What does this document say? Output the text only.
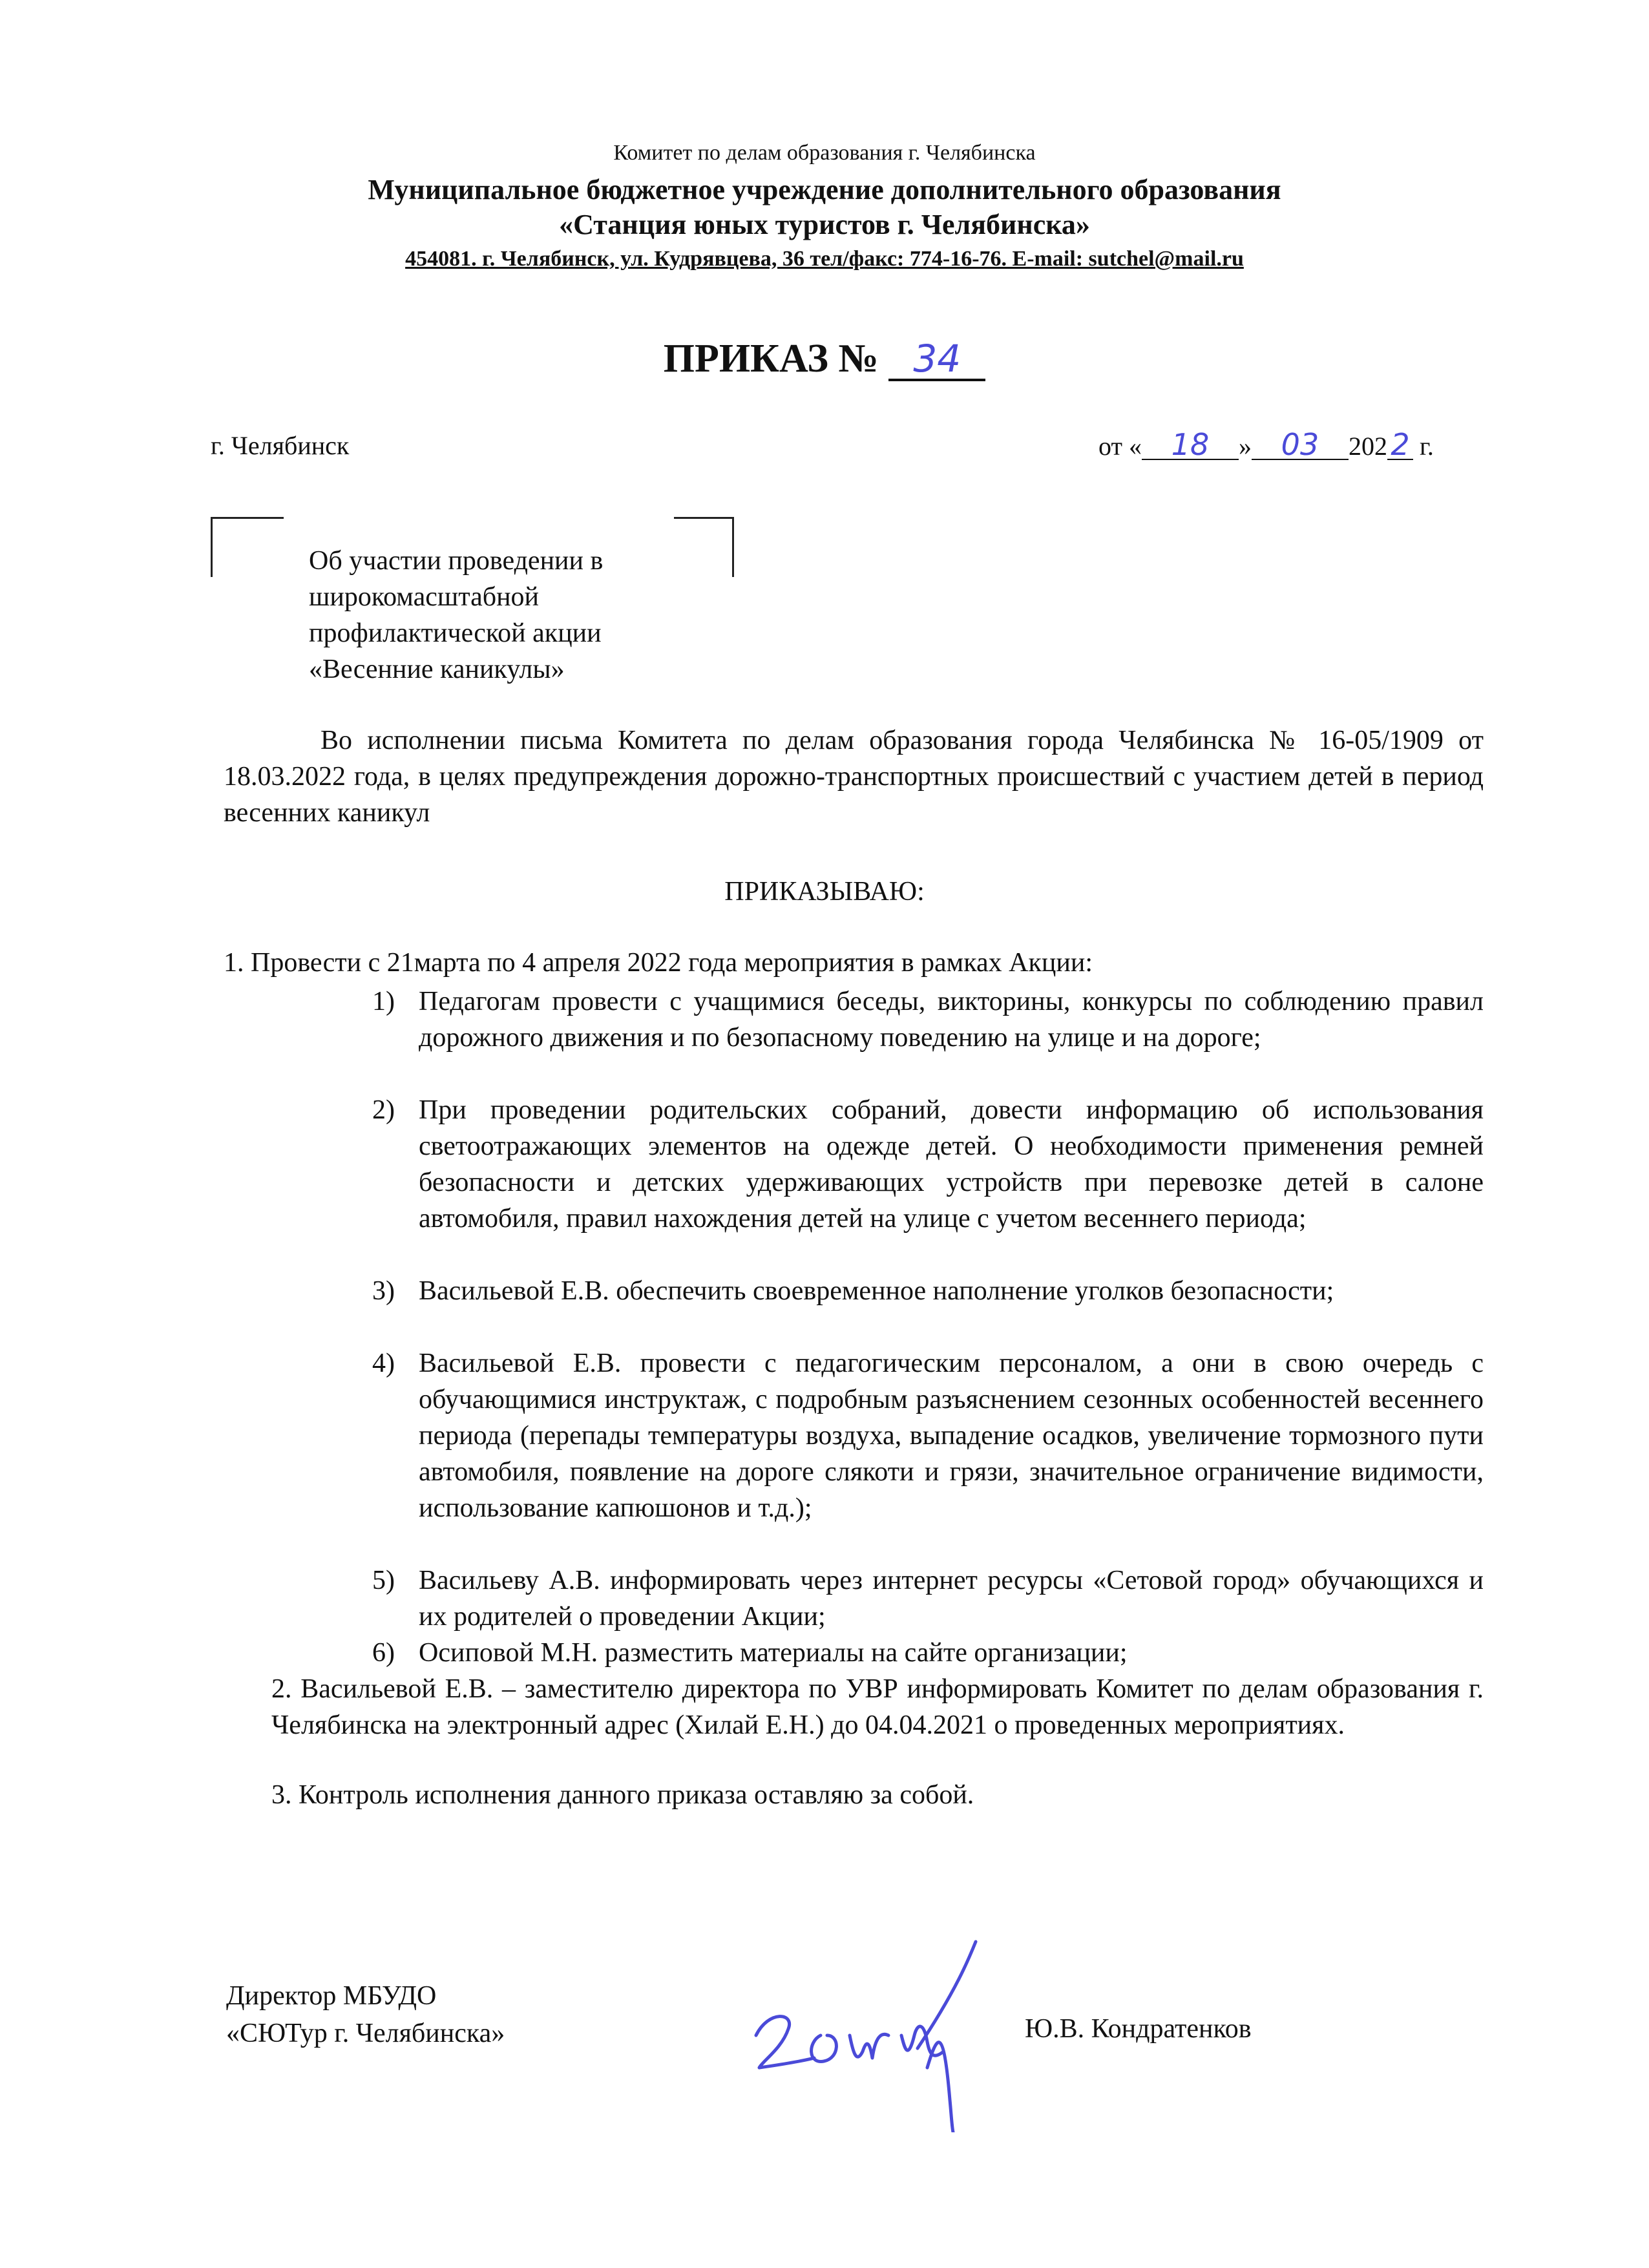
Комитет по делам образования г. Челябинска
Муниципальное бюджетное учреждение дополнительного образования
«Станция юных туристов г. Челябинска»
454081. г. Челябинск, ул. Кудрявцева, 36 тел/факс: 774-16-76. E-mail: sutchel@mail.ru
ПРИКАЗ № 34
г. Челябинск	от « 18 » 03 202 2 г.
Об участии проведении в
широкомасштабной
профилактической акции
«Весенние каникулы»
Во исполнении письма Комитета по делам образования города Челябинска № 16-05/1909 от 18.03.2022 года, в целях предупреждения дорожно-транспортных происшествий с участием детей в период весенних каникул
ПРИКАЗЫВАЮ:
1. Провести с 21марта по 4 апреля 2022 года мероприятия в рамках Акции:
1) Педагогам провести с учащимися беседы, викторины, конкурсы по соблюдению правил дорожного движения и по безопасному поведению на улице и на дороге;
2) При проведении родительских собраний, довести информацию об использования светоотражающих элементов на одежде детей. О необходимости применения ремней безопасности и детских удерживающих устройств при перевозке детей в салоне автомобиля, правил нахождения детей на улице с учетом весеннего периода;
3) Васильевой Е.В. обеспечить своевременное наполнение уголков безопасности;
4) Васильевой Е.В. провести с педагогическим персоналом, а они в свою очередь с обучающимися инструктаж, с подробным разъяснением сезонных особенностей весеннего периода (перепады температуры воздуха, выпадение осадков, увеличение тормозного пути автомобиля, появление на дороге слякоти и грязи, значительное ограничение видимости, использование капюшонов и т.д.);
5) Васильеву А.В. информировать через интернет ресурсы «Сетовой город» обучающихся и их родителей о проведении Акции;
6) Осиповой М.Н. разместить материалы на сайте организации;
2. Васильевой Е.В. – заместителю директора по УВР информировать Комитет по делам образования г. Челябинска на электронный адрес (Хилай Е.Н.) до 04.04.2021 о проведенных мероприятиях.
3. Контроль исполнения данного приказа оставляю за собой.
Директор МБУДО
«СЮТур г. Челябинска»	Ю.В. Кондратенков
